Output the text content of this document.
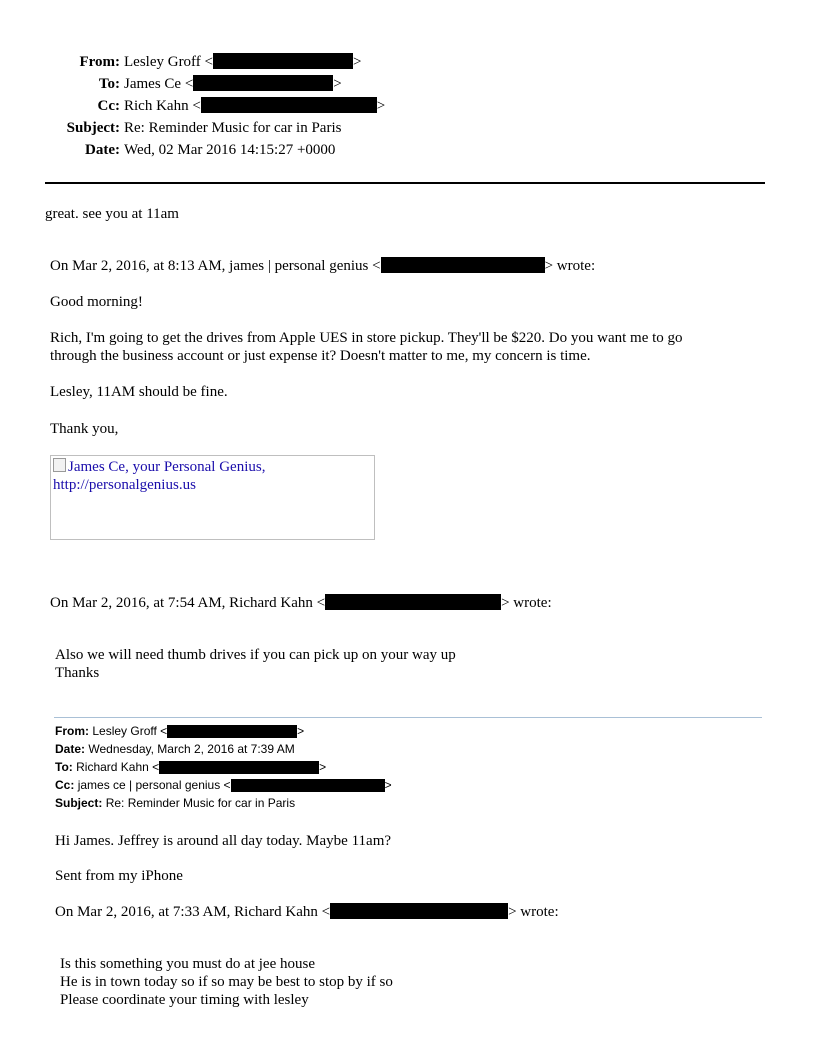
From: Lesley Groff <	>
To: James Ce <	>
Cc: Rich Kahn <	>
Subject: Re: Reminder Music for car in Paris
Date: Wed, 02 Mar 2016 14:15:27 +0000
great. see you at 11am
On Mar 2, 2016, at 8:13 AM, james | personal genius <	> wrote:
Good morning!
Rich, I'm going to get the drives from Apple UES in store pickup. They'll be $220. Do you want me to go
through the business account or just expense it? Doesn't matter to me, my concern is time.
Lesley, 11AM should be fine.
Thank you,
James Ce, your Personal Genius,
http://personalgenius.us
On Mar 2, 2016, at 7:54 AM, Richard Kahn <	> wrote:
Also we will need thumb drives if you can pick up on your way up
Thanks
From: Lesley Groff <	>
Date: Wednesday, March 2, 2016 at 7:39 AM
To: Richard Kahn <	>
Cc: james ce | personal genius <	>
Subject: Re: Reminder Music for car in Paris
Hi James. Jeffrey is around all day today. Maybe 11am?
Sent from my iPhone
On Mar 2, 2016, at 7:33 AM, Richard Kahn <	> wrote:
Is this something you must do at jee house
He is in town today so if so may be best to stop by if so
Please coordinate your timing with lesley
